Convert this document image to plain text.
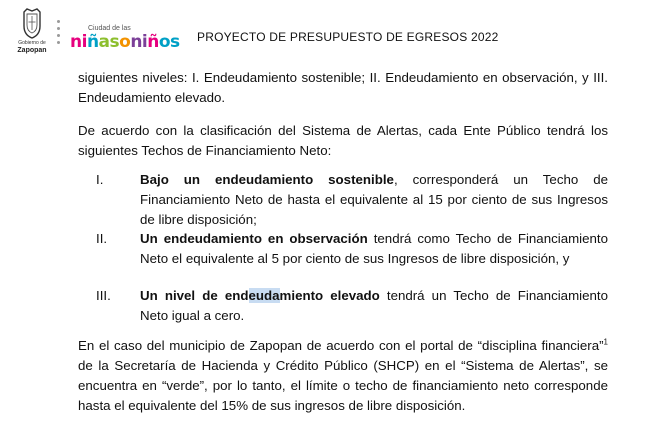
Gobierno de
Zapopan
Ciudad de las
niñasoniños PROYECTO DE PRESUPUESTO DE EGRESOS 2022

siguientes niveles: I. Endeudamiento sostenible; II. Endeudamiento en observación, y III. Endeudamiento elevado.

De acuerdo con la clasificación del Sistema de Alertas, cada Ente Público tendrá los siguientes Techos de Financiamiento Neto:

I.	Bajo un endeudamiento sostenible, corresponderá un Techo de Financiamiento Neto de hasta el equivalente al 15 por ciento de sus Ingresos de libre disposición;

II. Un endeudamiento en observación tendrá como Techo de Financiamiento Neto el equivalente al 5 por ciento de sus Ingresos de libre disposición, y

III. Un nivel de endeudamiento elevado tendrá un Techo de Financiamiento Neto igual a cero.

En el caso del municipio de Zapopan de acuerdo con el portal de “disciplina financiera”$^1$ de la Secretaría de Hacienda y Crédito Público (SHCP) en el “Sistema de Alertas”, se encuentra en “verde”, por lo tanto, el límite o techo de financiamiento neto corresponde hasta el equivalente del 15% de sus ingresos de libre disposición.
